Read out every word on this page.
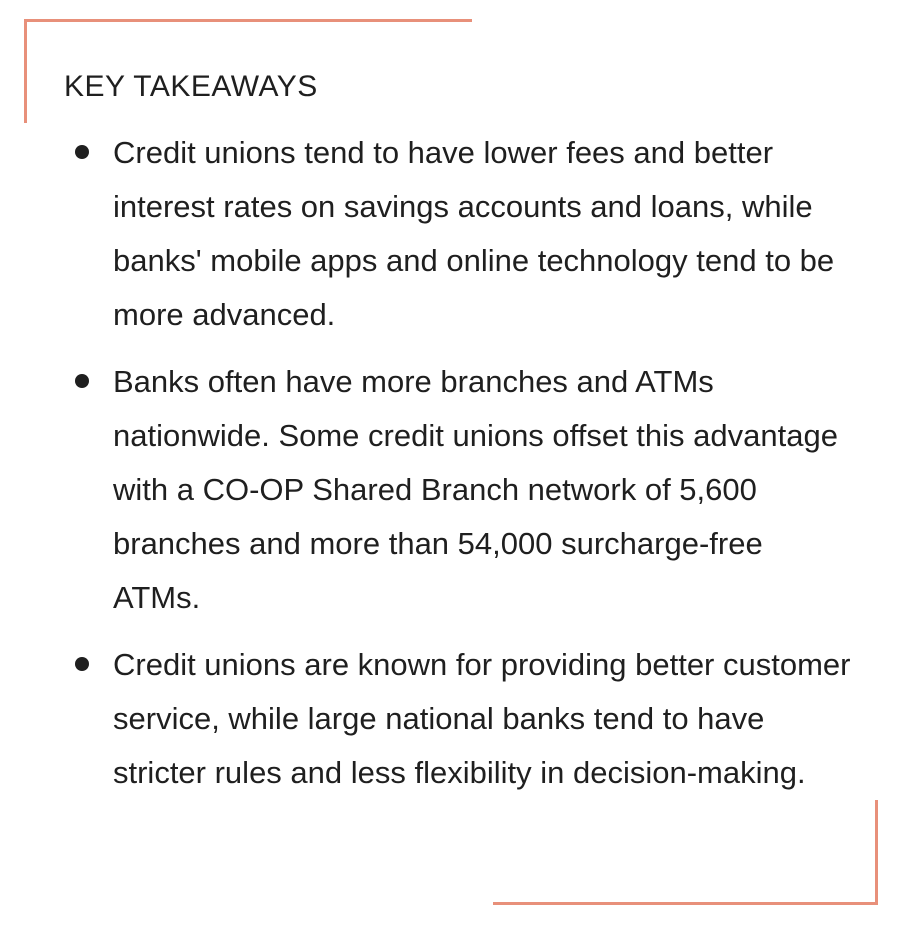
KEY TAKEAWAYS
Credit unions tend to have lower fees and better interest rates on savings accounts and loans, while banks' mobile apps and online technology tend to be more advanced.
Banks often have more branches and ATMs nationwide. Some credit unions offset this advantage with a CO-OP Shared Branch network of 5,600 branches and more than 54,000 surcharge-free ATMs.
Credit unions are known for providing better customer service, while large national banks tend to have stricter rules and less flexibility in decision-making.
